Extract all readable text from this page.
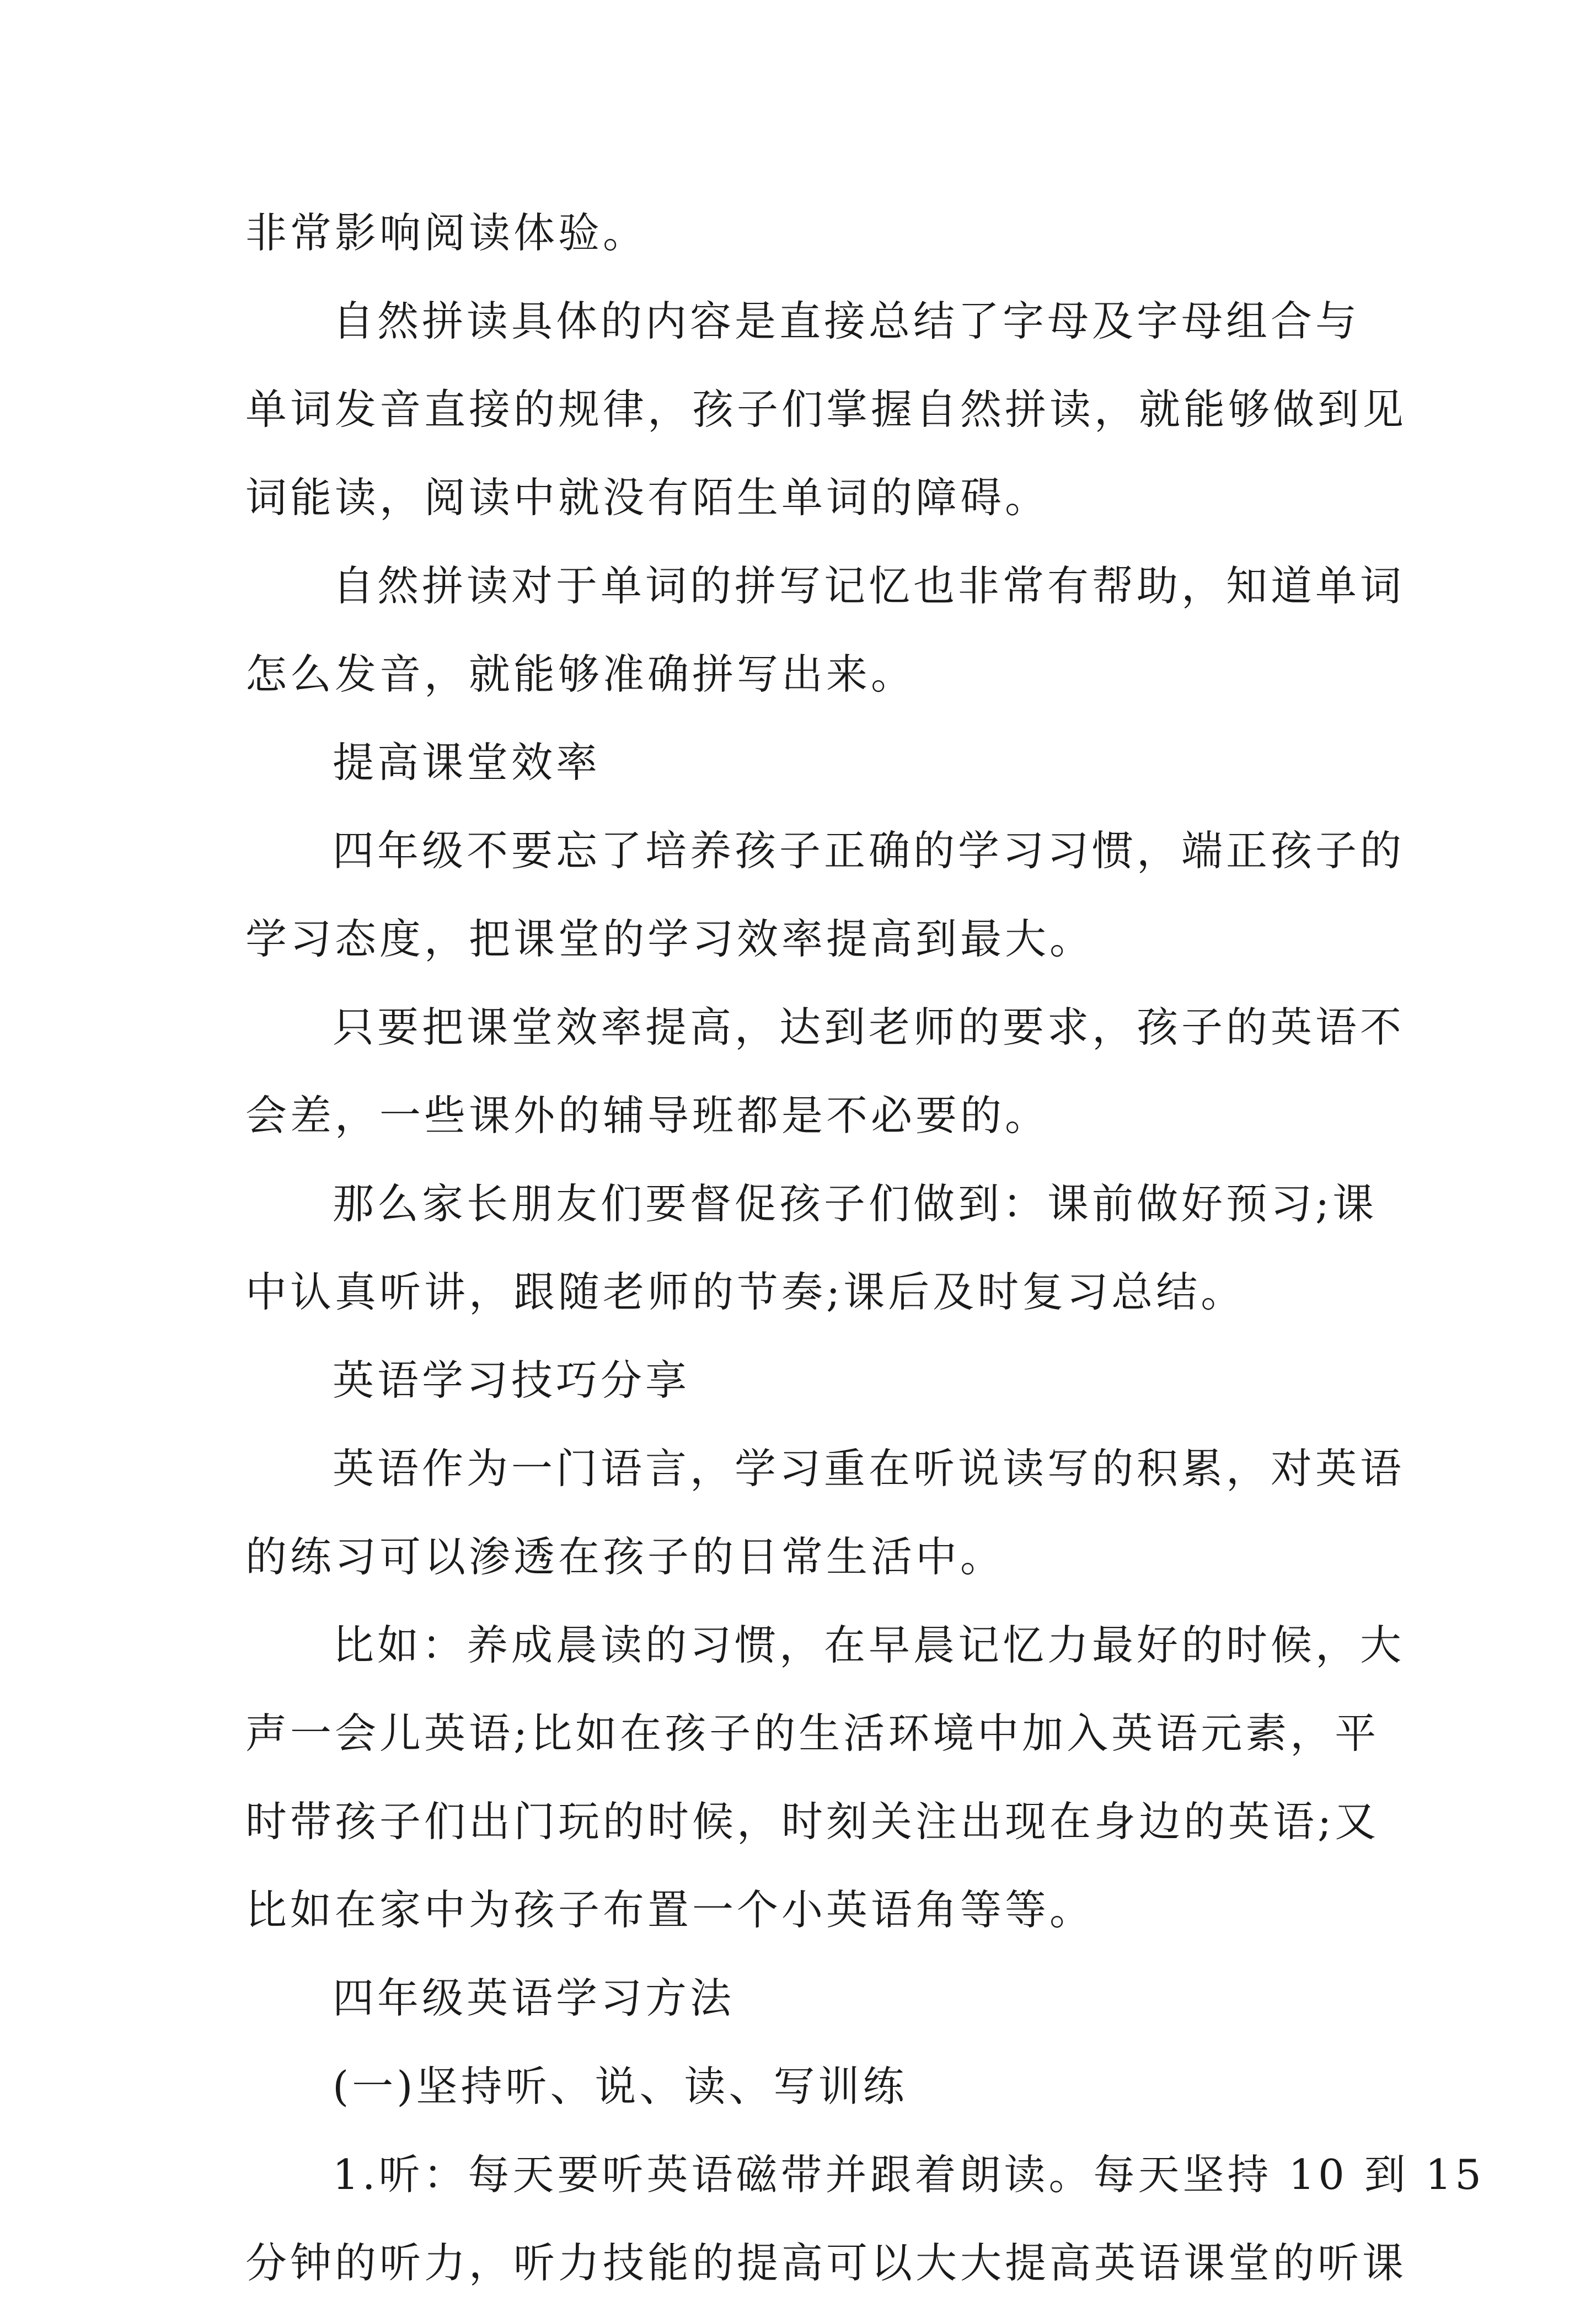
非常影响阅读体验。

自然拼读具体的内容是直接总结了字母及字母组合与
单词发音直接的规律，孩子们掌握自然拼读，就能够做到见
词能读，阅读中就没有陌生单词的障碍。

自然拼读对于单词的拼写记忆也非常有帮助，知道单词
怎么发音，就能够准确拼写出来。

提高课堂效率

四年级不要忘了培养孩子正确的学习习惯，端正孩子的
学习态度，把课堂的学习效率提高到最大。

只要把课堂效率提高，达到老师的要求，孩子的英语不
会差，一些课外的辅导班都是不必要的。

那么家长朋友们要督促孩子们做到：课前做好预习;课
中认真听讲，跟随老师的节奏;课后及时复习总结。

英语学习技巧分享

英语作为一门语言，学习重在听说读写的积累，对英语
的练习可以渗透在孩子的日常生活中。

比如：养成晨读的习惯，在早晨记忆力最好的时候，大
声一会儿英语;比如在孩子的生活环境中加入英语元素，平
时带孩子们出门玩的时候，时刻关注出现在身边的英语;又
比如在家中为孩子布置一个小英语角等等。

四年级英语学习方法

(一)坚持听、说、读、写训练

1.听：每天要听英语磁带并跟着朗读。每天坚持 10 到 15
分钟的听力，听力技能的提高可以大大提高英语课堂的听课
